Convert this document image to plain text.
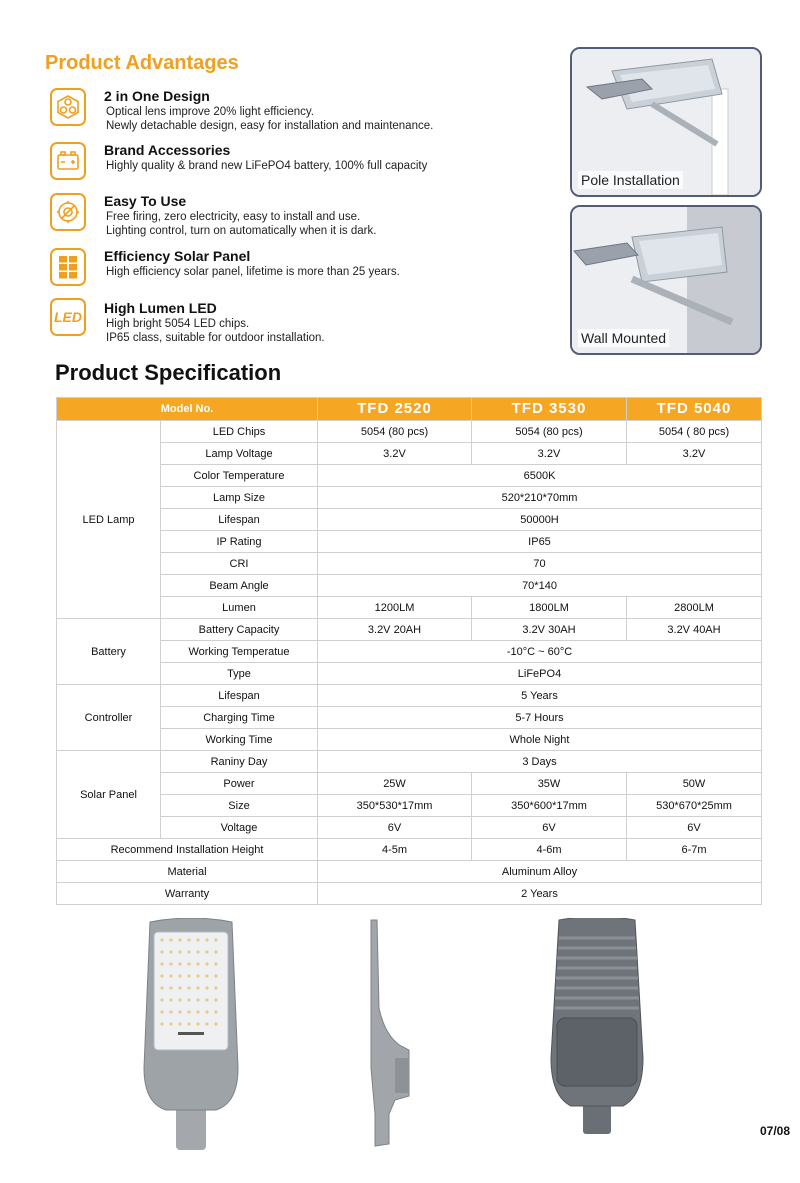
Product Advantages
2 in One Design
Optical lens improve 20% light efficiency.
Newly detachable design, easy for installation and maintenance.
Brand Accessories
Highly quality & brand new LiFePO4 battery, 100% full capacity
Easy To Use
Free firing, zero electricity, easy to install and use.
Lighting control, turn on automatically when it is dark.
Efficiency Solar Panel
High efficiency solar panel, lifetime is more than 25 years.
LED
High Lumen LED
High bright 5054 LED chips.
IP65 class, suitable for outdoor installation.
Pole Installation
Wall Mounted
Product Specification
Model No.		TFD 2520	TFD 3530	TFD 5040
LED Lamp	LED Chips	5054 (80 pcs)	5054 (80 pcs)	5054 ( 80 pcs)
	Lamp Voltage	3.2V	3.2V	3.2V
	Color Temperature	6500K		
	Lamp Size	520*210*70mm		
	Lifespan	50000H		
	IP Rating	IP65		
	CRI	70		
	Beam Angle	70*140		
	Lumen	1200LM	1800LM	2800LM
Battery	Battery Capacity	3.2V 20AH	3.2V 30AH	3.2V 40AH
	Working Temperatue	-10°C ~ 60°C		
	Type	LiFePO4		
Controller	Lifespan	5 Years		
	Charging Time	5-7 Hours		
	Working Time	Whole Night		
Solar Panel	Raniny Day	3 Days		
	Power	25W	35W	50W
	Size	350*530*17mm	350*600*17mm	530*670*25mm
	Voltage	6V	6V	6V
Recommend Installation Height		4-5m	4-6m	6-7m
Material		Aluminum Alloy		
Warranty		2 Years		
07/08
